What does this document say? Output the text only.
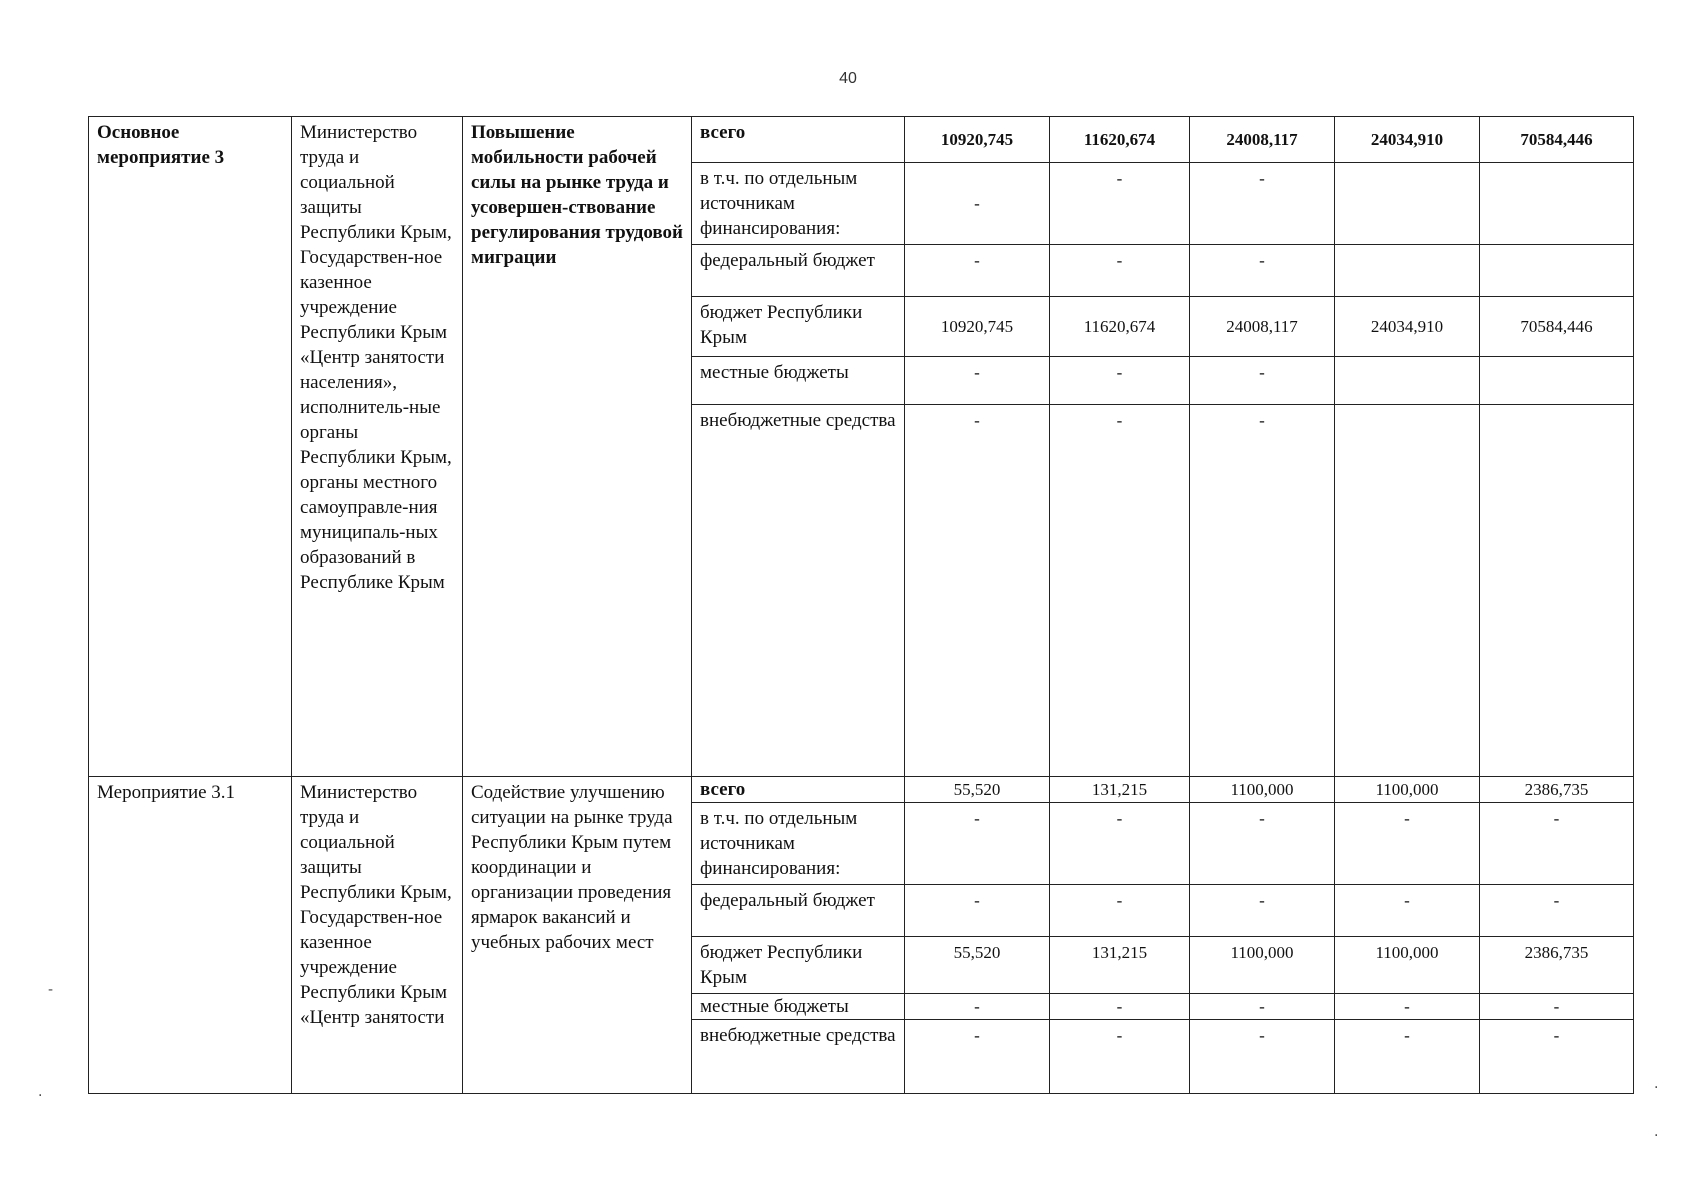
40
Основное мероприятие 3	Министерство труда и социальной защиты Республики Крым, Государствен-ное казенное учреждение Республики Крым «Центр занятости населения», исполнитель-ные органы Республики Крым, органы местного самоуправле-ния муниципаль-ных образований в Республике Крым	Повышение мобильности рабочей силы на рынке труда и усовершен-ствование регулирования трудовой миграции	всего	10920,745	11620,674	24008,117	24034,910	70584,446
			в т.ч. по отдельным источникам финансирования:	-	-	-		
			федеральный бюджет	-	-	-		
			бюджет Республики Крым	10920,745	11620,674	24008,117	24034,910	70584,446
			местные бюджеты	-	-	-		
			внебюджетные средства	-	-	-		
Мероприятие 3.1	Министерство труда и социальной защиты Республики Крым, Государствен-ное казенное учреждение Республики Крым «Центр занятости	Содействие улучшению ситуации на рынке труда Республики Крым путем координации и организации проведения ярмарок вакансий и учебных рабочих мест	всего	55,520	131,215	1100,000	1100,000	2386,735
			в т.ч. по отдельным источникам финансирования:	-	-	-	-	-
			федеральный бюджет	-	-	-	-	-
			бюджет Республики Крым	55,520	131,215	1100,000	1100,000	2386,735
			местные бюджеты	-	-	-	-	-
			внебюджетные средства	-	-	-	-	-
-
·	·
·
